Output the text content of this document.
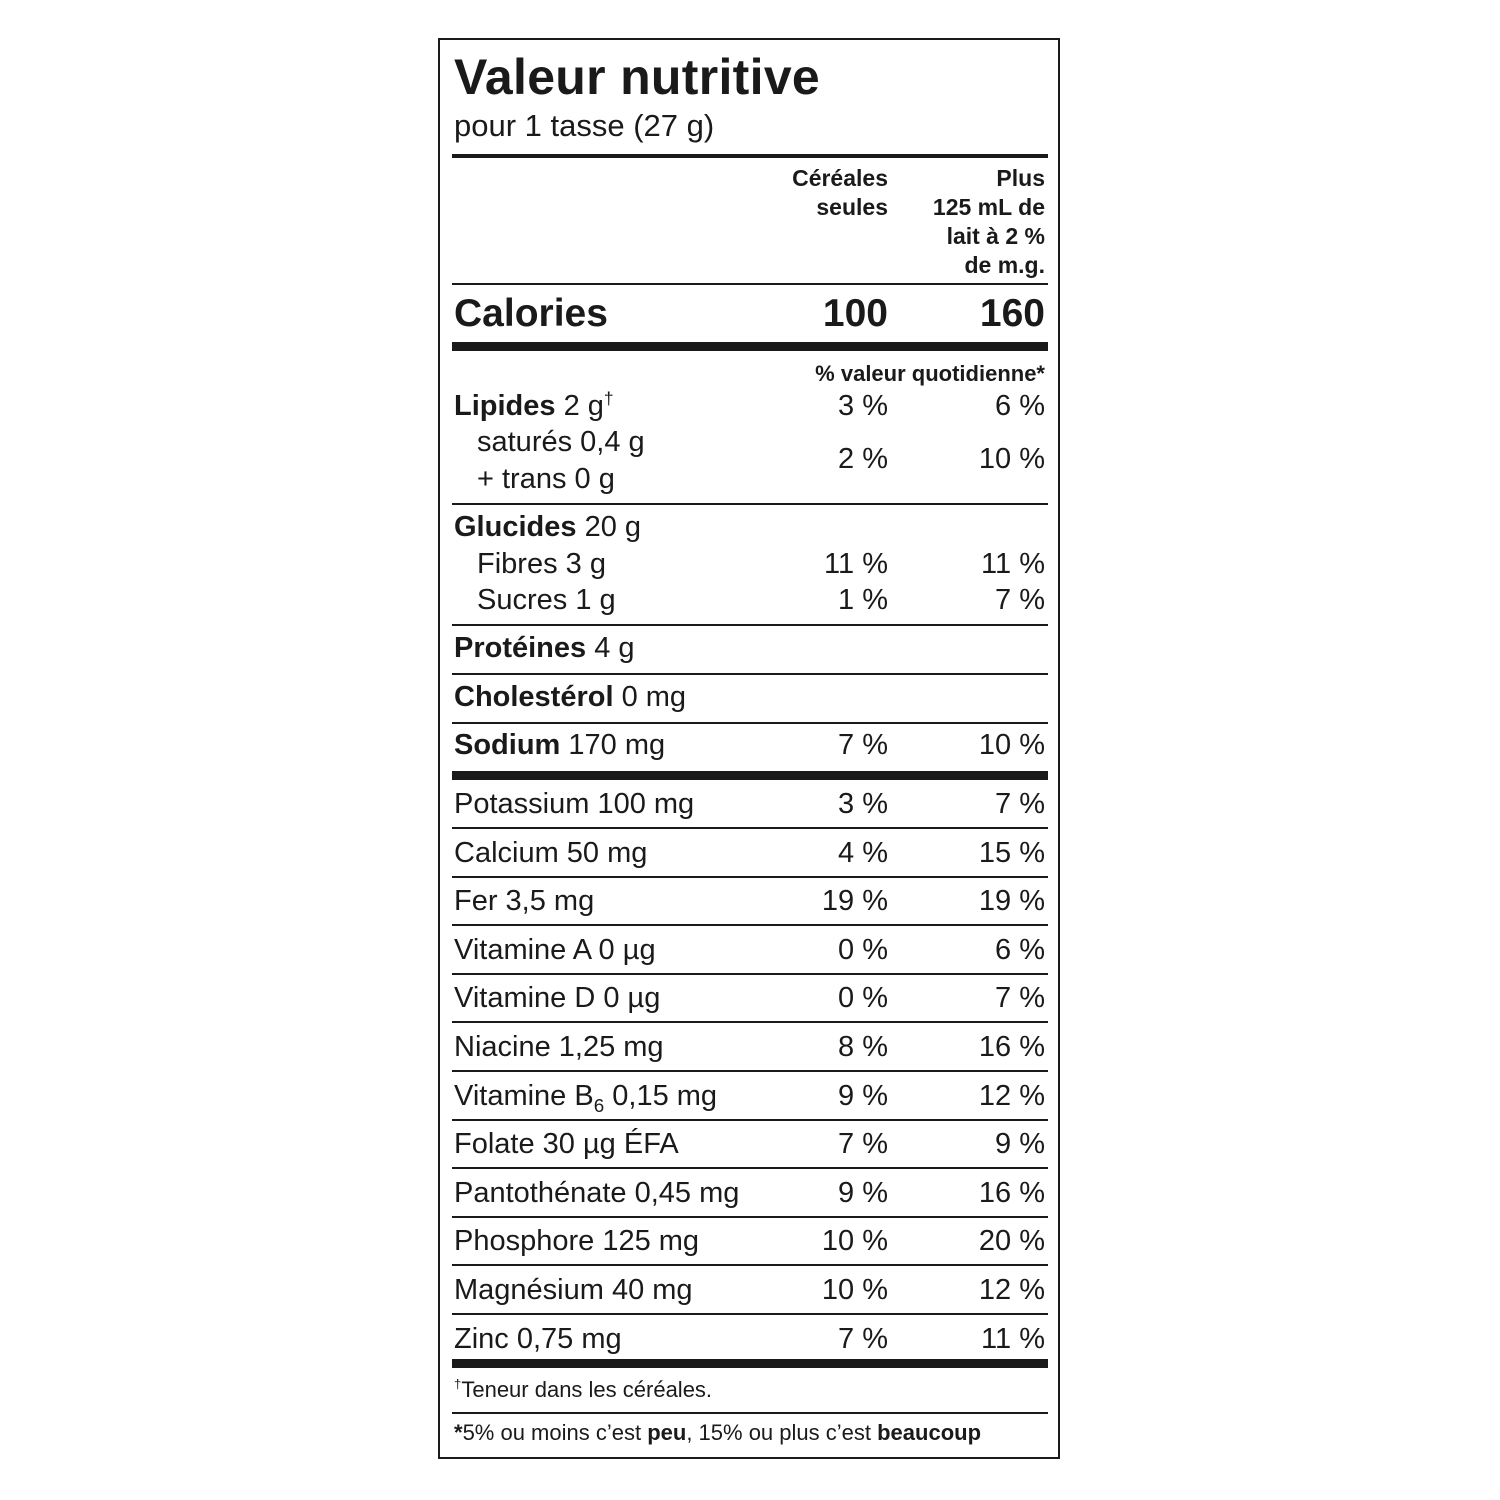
Valeur nutritive
pour 1 tasse (27 g)
Céréales
seules
Plus
125 mL de
lait à 2 %
de m.g.
Calories	100 160
% valeur quotidienne*
Lipides 2 g†	3 %	6 %
saturés 0,4 g
+ trans 0 g
2 %	10 %
Glucides 20 g
Fibres 3 g	11 %	11 %
Sucres 1 g	1 %	7 %
Protéines 4 g
Cholestérol 0 mg
Sodium 170 mg	7 %	10 %
Potassium 100 mg	3 %	7 %
Calcium 50 mg	4 %	15 %
Fer 3,5 mg	19 %	19 %
Vitamine A 0 µg	0 %	6 %
Vitamine D 0 µg	0 %	7 %
Niacine 1,25 mg	8 %	16 %
Vitamine $B_6$ 0,15 mg	9 %	12 %
Folate 30 µg ÉFA	7 %	9 %
Pantothénate 0,45 mg	9 %	16 %
Phosphore 125 mg	10 %	20 %
Magnésium 40 mg	10 %	12 %
Zinc 0,75 mg	7 %	11 %
†Teneur dans les céréales.
*5% ou moins c’est peu, 15% ou plus c’est beaucoup
